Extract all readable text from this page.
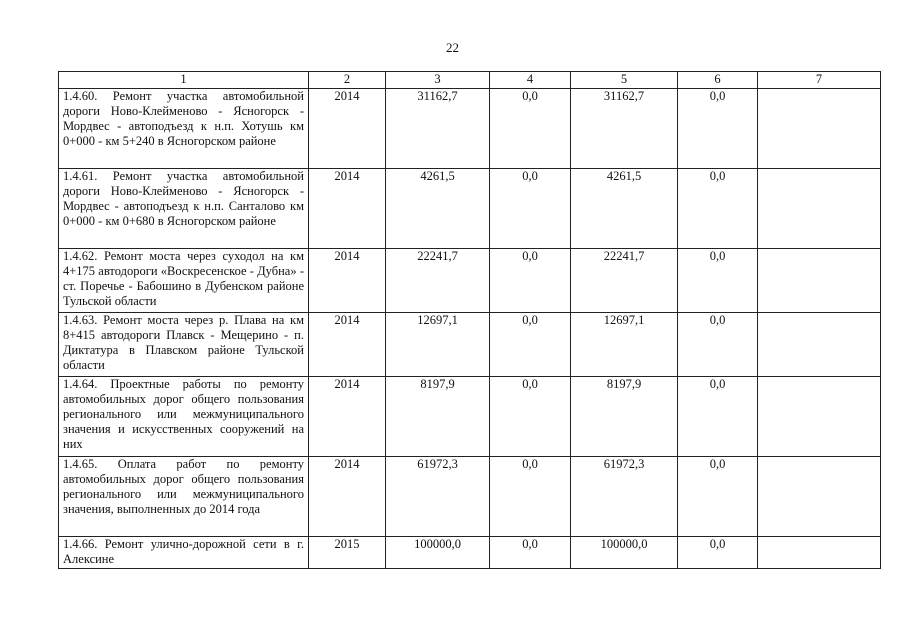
22
1	2	3	4	5	6	7
1.4.60. Ремонт участка автомобильной дороги Ново-Клейменово - Ясногорск - Мордвес - автоподъезд к н.п. Хотушь км 0+000 - км 5+240 в Ясногорском районе	2014	31162,7	0,0	31162,7	0,0	
1.4.61. Ремонт участка автомобильной дороги Ново-Клейменово - Ясногорск - Мордвес - автоподъезд к н.п. Санталово км 0+000 - км 0+680 в Ясногорском районе	2014	4261,5	0,0	4261,5	0,0	
1.4.62. Ремонт моста через суходол на км 4+175 автодороги «Воскресенское - Дубна» - ст. Поречье - Бабошино в Дубенском районе Тульской области	2014	22241,7	0,0	22241,7	0,0	
1.4.63. Ремонт моста через р. Плава на км 8+415 автодороги Плавск - Мещерино - п. Диктатура в Плавском районе Тульской области	2014	12697,1	0,0	12697,1	0,0	
1.4.64. Проектные работы по ремонту автомобильных дорог общего пользования регионального или межмуниципального значения и искусственных сооружений на них	2014	8197,9	0,0	8197,9	0,0	
1.4.65. Оплата работ по ремонту автомобильных дорог общего пользования регионального или межмуниципального значения, выполненных до 2014 года	2014	61972,3	0,0	61972,3	0,0	
1.4.66. Ремонт улично-дорожной сети в г. Алексине	2015	100000,0	0,0	100000,0	0,0	
